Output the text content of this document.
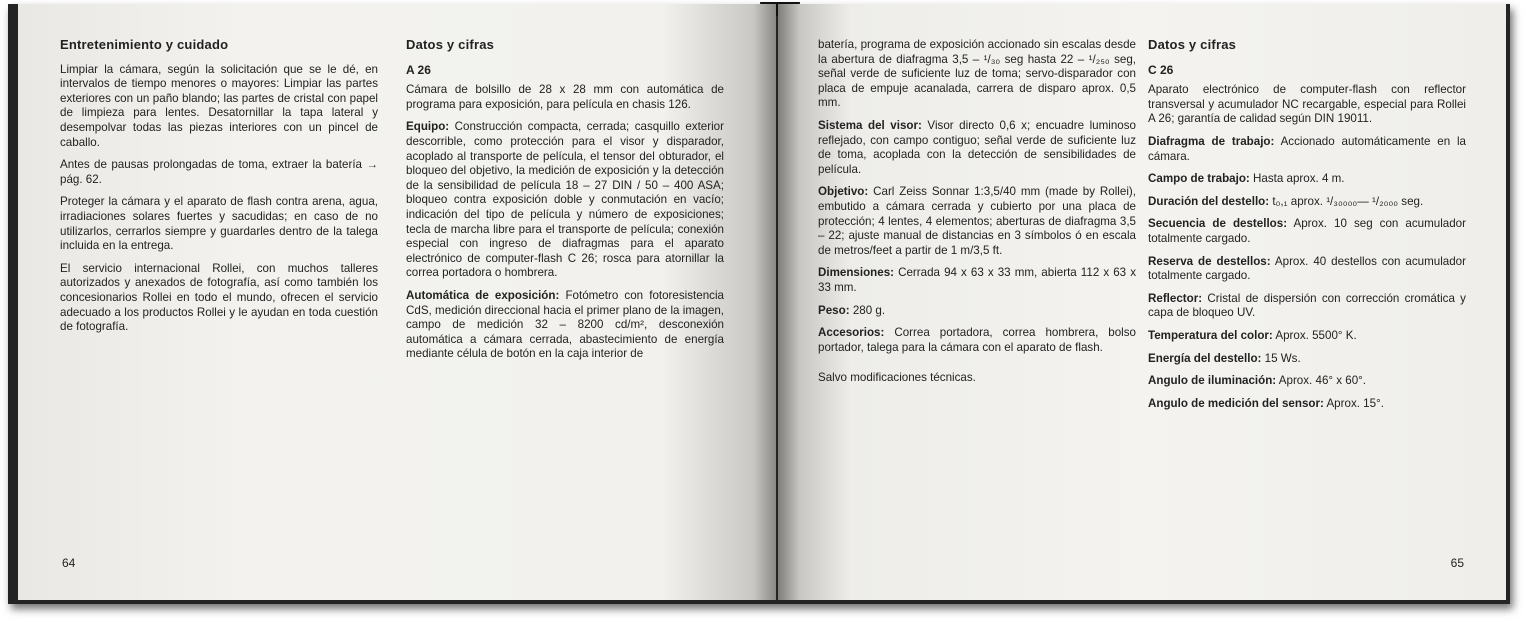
Entretenimiento y cuidado

Limpiar la cámara, según la solicitación que se le dé, en intervalos de tiempo menores o mayores: Limpiar las partes exteriores con un paño blando; las partes de cristal con papel de limpieza para lentes. Desatornillar la tapa lateral y desempolvar todas las piezas interiores con un pincel de caballo.

Antes de pausas prolongadas de toma, extraer la batería → pág. 62.

Proteger la cámara y el aparato de flash contra arena, agua, irradiaciones solares fuertes y sacudidas; en caso de no utilizarlos, cerrarlos siempre y guardarles dentro de la talega incluida en la entrega.

El servicio internacional Rollei, con muchos talleres autorizados y anexados de fotografía, así como también los concesionarios Rollei en todo el mundo, ofrecen el servicio adecuado a los productos Rollei y le ayudan en toda cuestión de fotografía.

Datos y cifras
A 26

Cámara de bolsillo de 28 x 28 mm con automática de programa para exposición, para película en chasis 126.

Equipo: Construcción compacta, cerrada; casquillo exterior descorrible, como protección para el visor y disparador, acoplado al transporte de película, el tensor del obturador, el bloqueo del objetivo, la medición de exposición y la detección de la sensibilidad de película 18 – 27 DIN / 50 – 400 ASA; bloqueo contra exposición doble y conmutación en vacío; indicación del tipo de película y número de exposiciones; tecla de marcha libre para el transporte de película; conexión especial con ingreso de diafragmas para el aparato electrónico de computer-flash C 26; rosca para atornillar la correa portadora o hombrera.

Automática de exposición: Fotómetro con fotoresistencia CdS, medición direccional hacia el primer plano de la imagen, campo de medición 32 – 8200 cd/m², desconexión automática a cámara cerrada, abastecimiento de energía mediante célula de botón en la caja interior de

64

batería, programa de exposición accionado sin escalas desde la abertura de diafragma 3,5 – ¹/₃₀ seg hasta 22 – ¹/₂₅₀ seg, señal verde de suficiente luz de toma; servo-disparador con placa de empuje acanalada, carrera de disparo aprox. 0,5 mm.

Sistema del visor: Visor directo 0,6 x; encuadre luminoso reflejado, con campo contiguo; señal verde de suficiente luz de toma, acoplada con la detección de sensibilidades de película.

Objetivo: Carl Zeiss Sonnar 1:3,5/40 mm (made by Rollei), embutido a cámara cerrada y cubierto por una placa de protección; 4 lentes, 4 elementos; aberturas de diafragma 3,5 – 22; ajuste manual de distancias en 3 símbolos ó en escala de metros/feet a partir de 1 m/3,5 ft.

Dimensiones: Cerrada 94 x 63 x 33 mm, abierta 112 x 63 x 33 mm.

Peso: 280 g.

Accesorios: Correa portadora, correa hombrera, bolso portador, talega para la cámara con el aparato de flash.

Salvo modificaciones técnicas.

Datos y cifras
C 26

Aparato electrónico de computer-flash con reflector transversal y acumulador NC recargable, especial para Rollei A 26; garantía de calidad según DIN 19011.

Diafragma de trabajo: Accionado automáticamente en la cámara.

Campo de trabajo: Hasta aprox. 4 m.

Duración del destello: t₀,₁ aprox. ¹/₃₀₀₀₀— ¹/₂₀₀₀ seg.

Secuencia de destellos: Aprox. 10 seg con acumulador totalmente cargado.

Reserva de destellos: Aprox. 40 destellos con acumulador totalmente cargado.

Reflector: Cristal de dispersión con corrección cromática y capa de bloqueo UV.

Temperatura del color: Aprox. 5500° K.

Energía del destello: 15 Ws.

Angulo de iluminación: Aprox. 46° x 60°.

Angulo de medición del sensor: Aprox. 15°.

65
